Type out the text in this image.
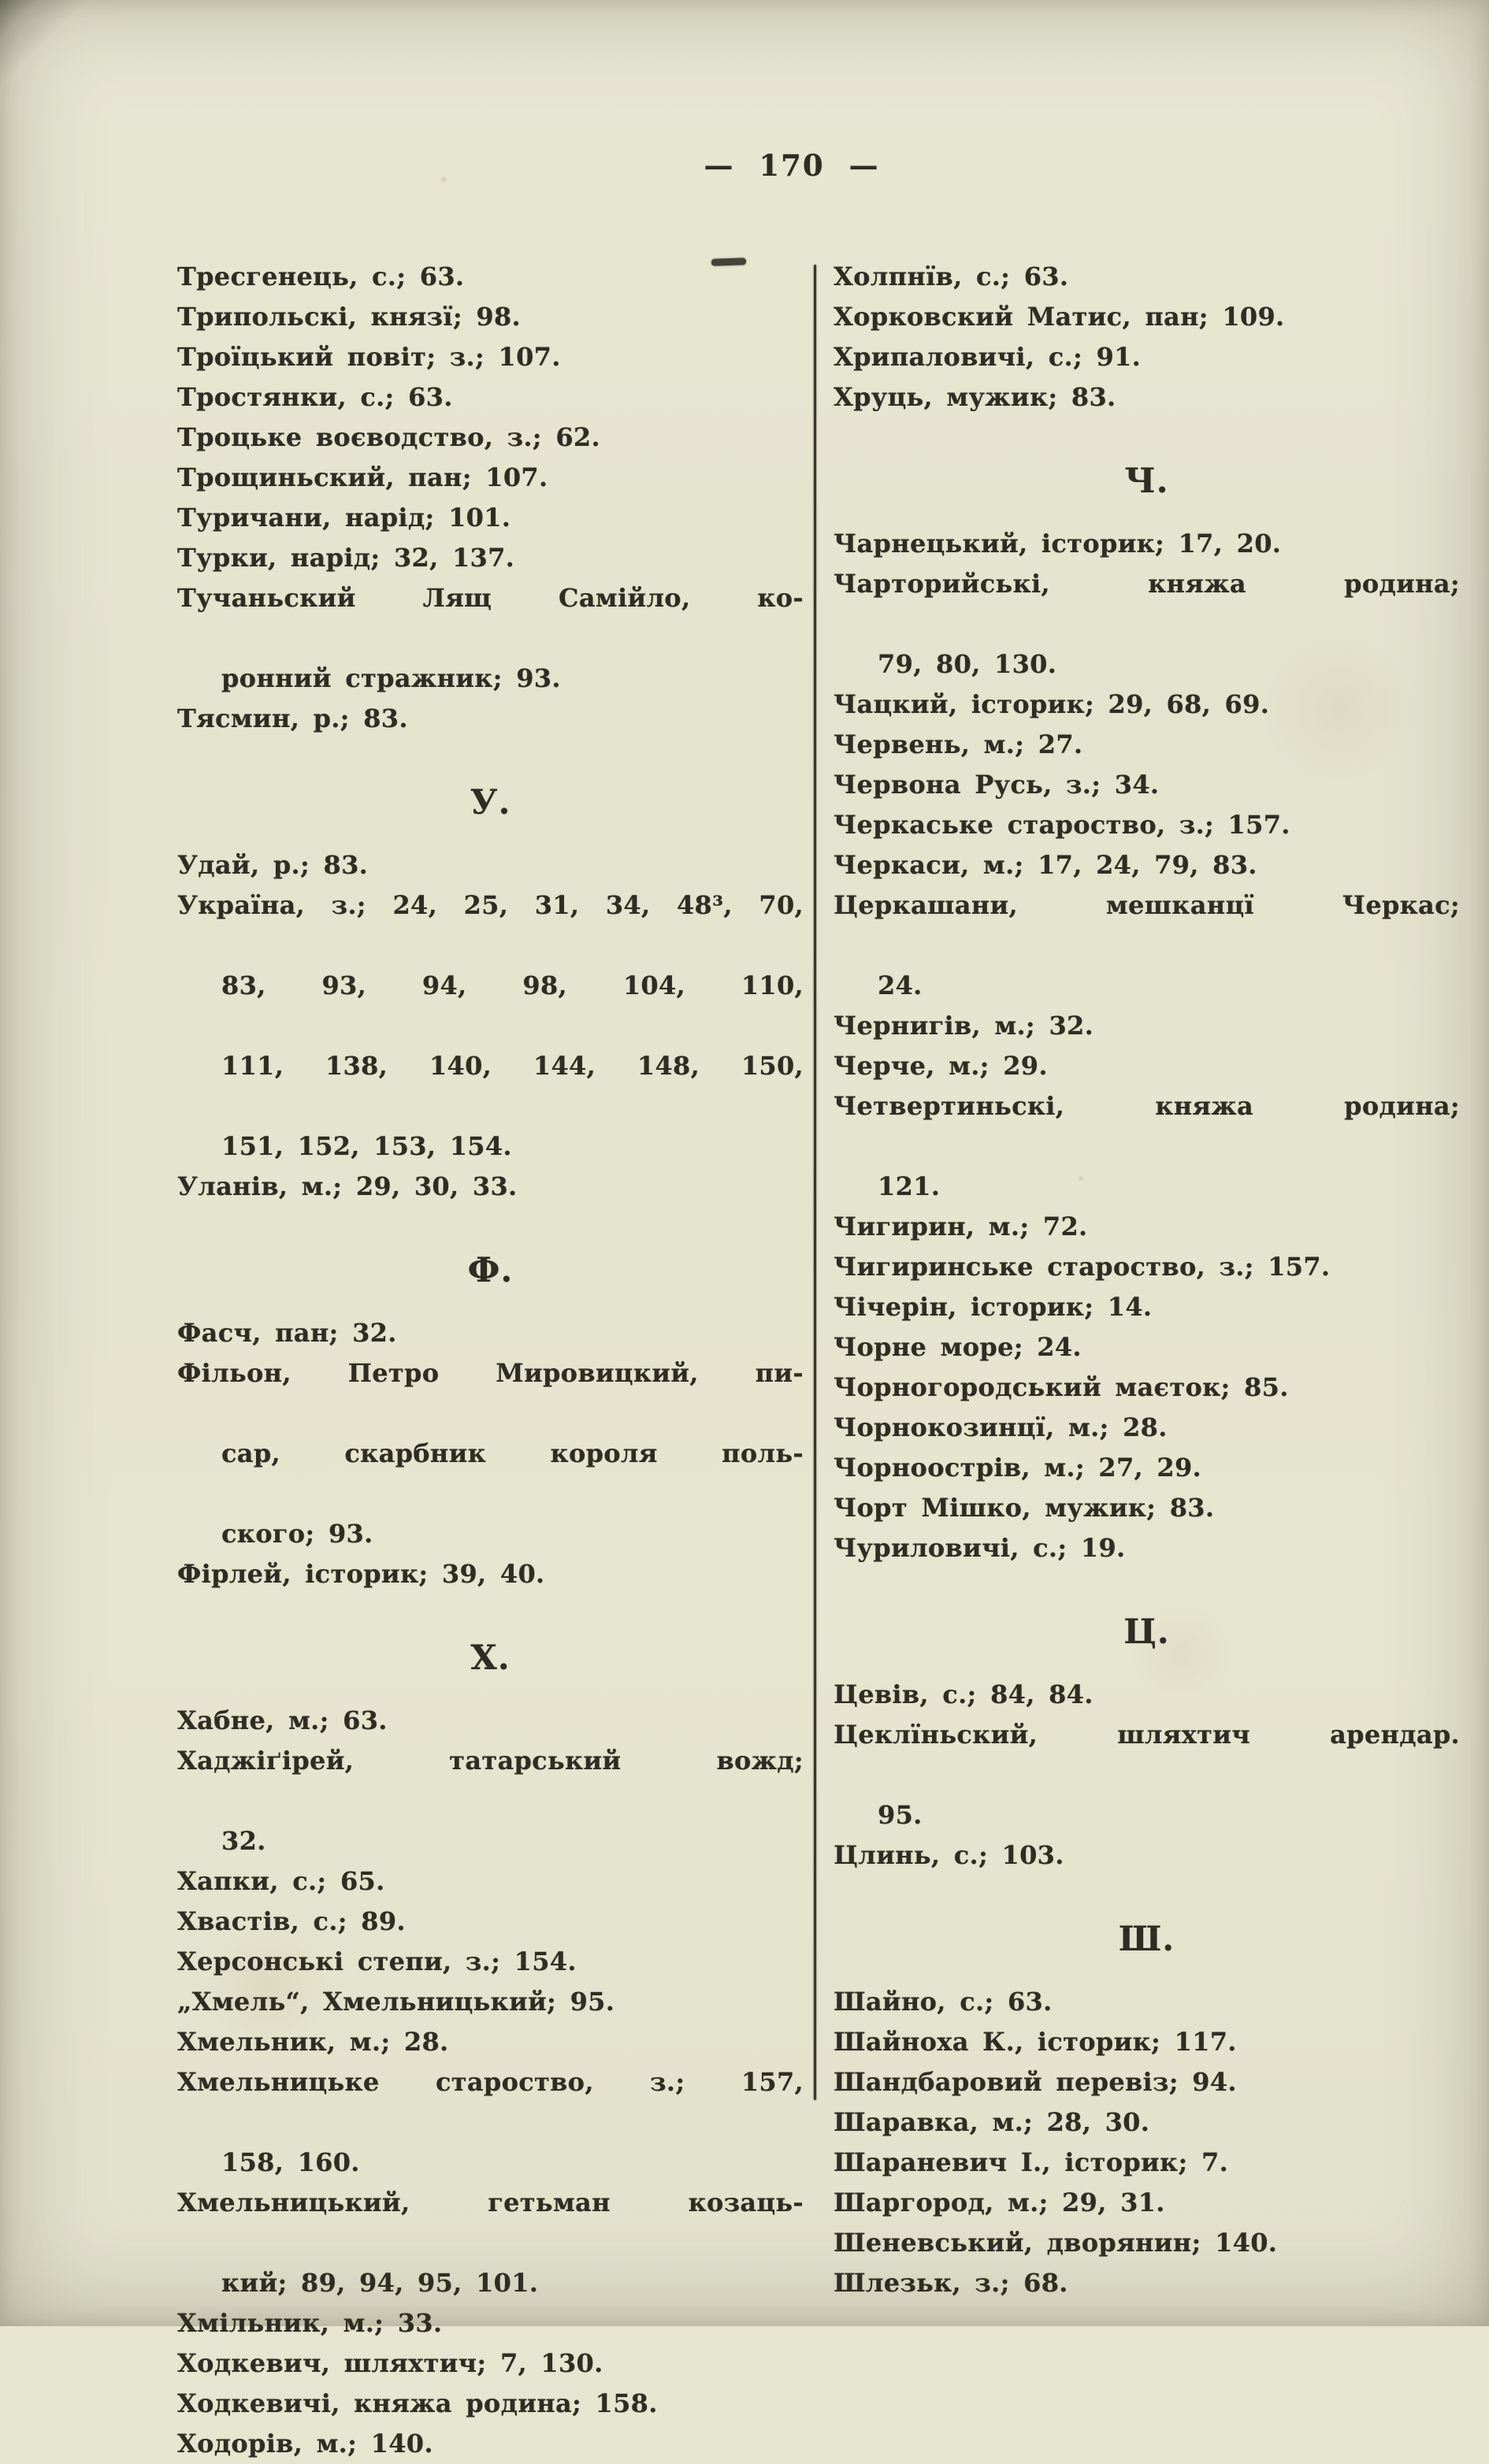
— 170 —
Тресгенець, с.; 63.
Трипольскі, князї; 98.
Троїцький повіт; з.; 107.
Тростянки, с.; 63.
Троцьке воєводство, з.; 62.
Трощиньский, пан; 107.
Туричани, нарід; 101.
Турки, нарід; 32, 137.
Тучаньский Лящ Самійло, ко-
ронний стражник; 93.
Тясмин, р.; 83.
У.
Удай, р.; 83.
Україна, з.; 24, 25, 31, 34, 48³, 70,
83, 93, 94, 98, 104, 110,
111, 138, 140, 144, 148, 150,
151, 152, 153, 154.
Уланів, м.; 29, 30, 33.
Ф.
Фасч, пан; 32.
Фільон, Петро Мировицкий, пи-
сар, скарбник короля поль-
ского; 93.
Фірлей, історик; 39, 40.
Х.
Хабне, м.; 63.
Хаджіґірей, татарський вожд;
32.
Хапки, с.; 65.
Хвастів, с.; 89.
Херсонські степи, з.; 154.
„Хмель“, Хмельницький; 95.
Хмельник, м.; 28.
Хмельницьке староство, з.; 157,
158, 160.
Хмельницький, гетьман козаць-
кий; 89, 94, 95, 101.
Хмільник, м.; 33.
Ходкевич, шляхтич; 7, 130.
Ходкевичі, княжа родина; 158.
Ходорів, м.; 140.
Холпнїв, с.; 63.
Хорковский Матис, пан; 109.
Хрипаловичі, с.; 91.
Хруць, мужик; 83.
Ч.
Чарнецький, історик; 17, 20.
Чарторийські, княжа родина;
79, 80, 130.
Чацкий, історик; 29, 68, 69.
Червень, м.; 27.
Червона Русь, з.; 34.
Черкаське староство, з.; 157.
Черкаси, м.; 17, 24, 79, 83.
Церкашани, мешканцї Черкас;
24.
Чернигів, м.; 32.
Черче, м.; 29.
Четвертиньскі, княжа родина;
121.
Чигирин, м.; 72.
Чигиринське староство, з.; 157.
Чічерін, історик; 14.
Чорне море; 24.
Чорногородський маєток; 85.
Чорнокозинцї, м.; 28.
Чорноострів, м.; 27, 29.
Чорт Мішко, мужик; 83.
Чуриловичі, с.; 19.
Ц.
Цевів, с.; 84, 84.
Цеклїньский, шляхтич арендар.
95.
Цлинь, с.; 103.
Ш.
Шайно, с.; 63.
Шайноха К., історик; 117.
Шандбаровий перевіз; 94.
Шаравка, м.; 28, 30.
Шараневич І., історик; 7.
Шаргород, м.; 29, 31.
Шеневський, дворянин; 140.
Шлезьк, з.; 68.
